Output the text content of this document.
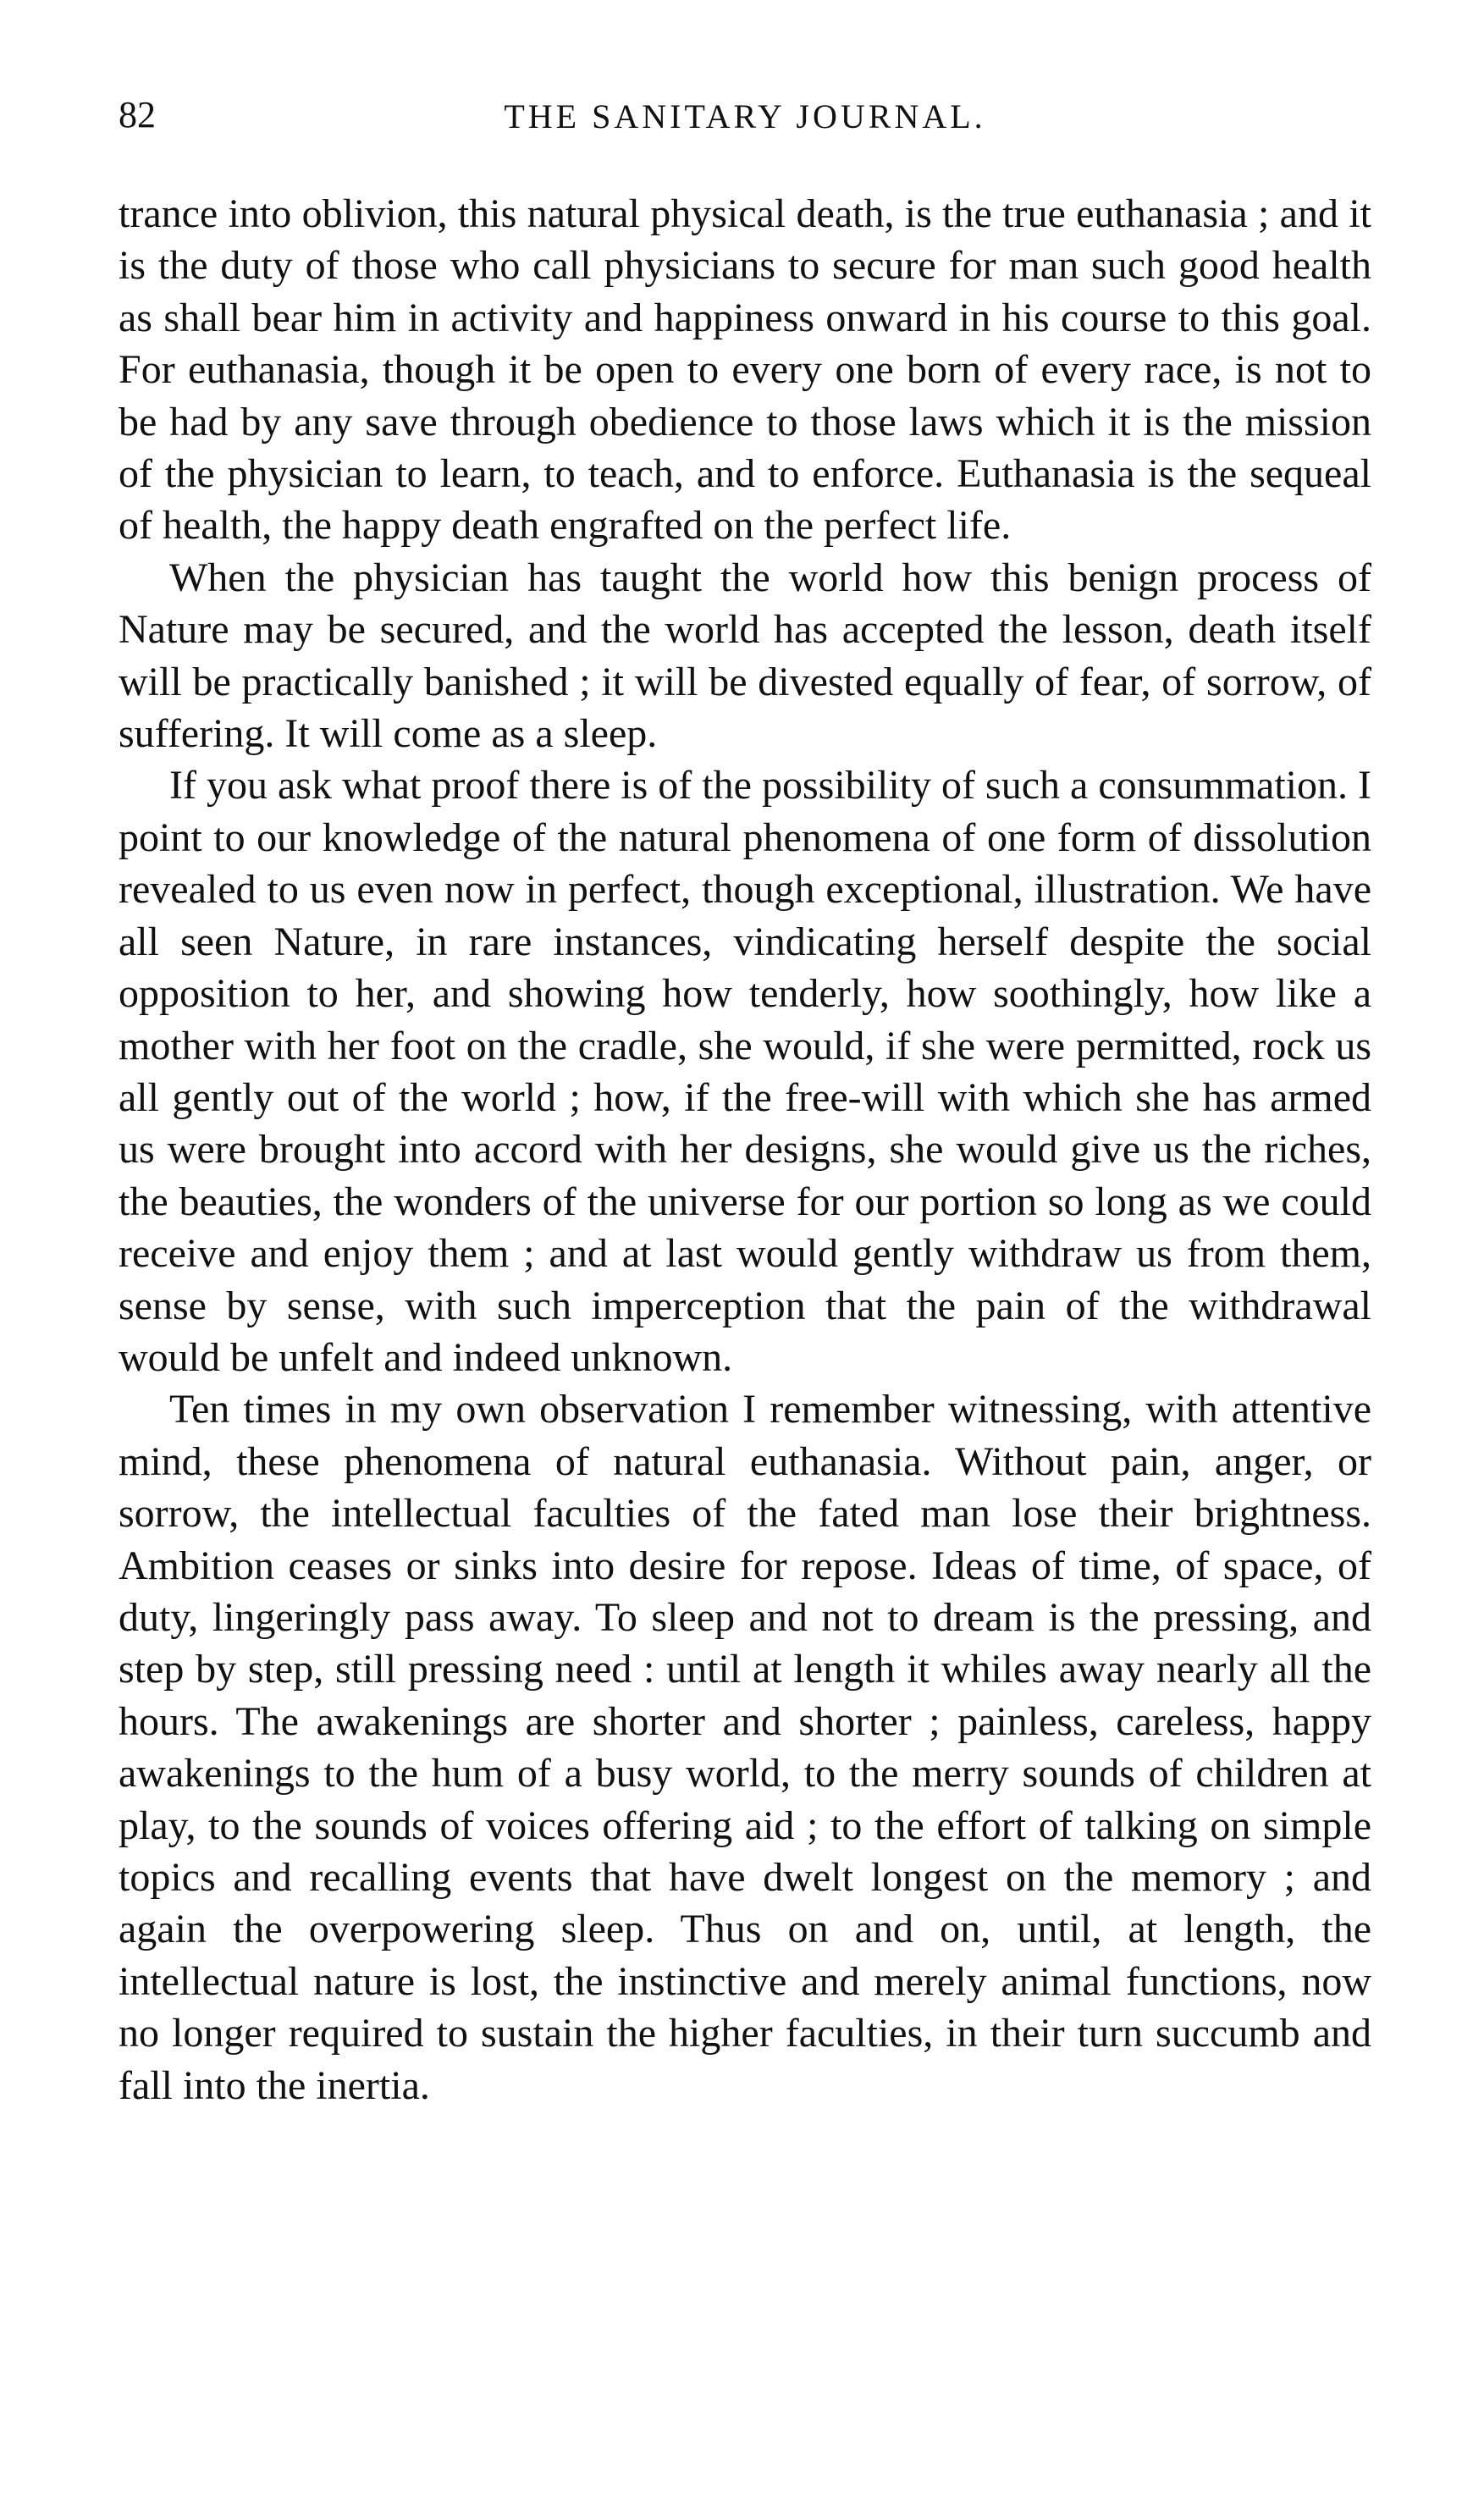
82	THE SANITARY JOURNAL.

trance into oblivion, this natural physical death, is the true euthanasia ; and it is the duty of those who call physicians to secure for man such good health as shall bear him in activity and happiness onward in his course to this goal. For euthanasia, though it be open to every one born of every race, is not to be had by any save through obedience to those laws which it is the mission of the physician to learn, to teach, and to enforce. Euthanasia is the sequeal of health, the happy death engrafted on the perfect life.

When the physician has taught the world how this benign process of Nature may be secured, and the world has accepted the lesson, death itself will be practically banished ; it will be divested equally of fear, of sorrow, of suffering. It will come as a sleep.

If you ask what proof there is of the possibility of such a consummation. I point to our knowledge of the natural phenomena of one form of dissolution revealed to us even now in perfect, though exceptional, illustration. We have all seen Nature, in rare instances, vindicating herself despite the social opposition to her, and showing how tenderly, how soothingly, how like a mother with her foot on the cradle, she would, if she were permitted, rock us all gently out of the world ; how, if the free-will with which she has armed us were brought into accord with her designs, she would give us the riches, the beauties, the wonders of the universe for our portion so long as we could receive and enjoy them ; and at last would gently withdraw us from them, sense by sense, with such imperception that the pain of the withdrawal would be unfelt and indeed unknown.

Ten times in my own observation I remember witnessing, with attentive mind, these phenomena of natural euthanasia. Without pain, anger, or sorrow, the intellectual faculties of the fated man lose their brightness. Ambition ceases or sinks into desire for repose. Ideas of time, of space, of duty, lingeringly pass away. To sleep and not to dream is the pressing, and step by step, still pressing need : until at length it whiles away nearly all the hours. The awakenings are shorter and shorter ; painless, careless, happy awakenings to the hum of a busy world, to the merry sounds of children at play, to the sounds of voices offering aid ; to the effort of talking on simple topics and recalling events that have dwelt longest on the memory ; and again the overpowering sleep. Thus on and on, until, at length, the intellectual nature is lost, the instinctive and merely animal functions, now no longer required to sustain the higher faculties, in their turn succumb and fall into the inertia.
